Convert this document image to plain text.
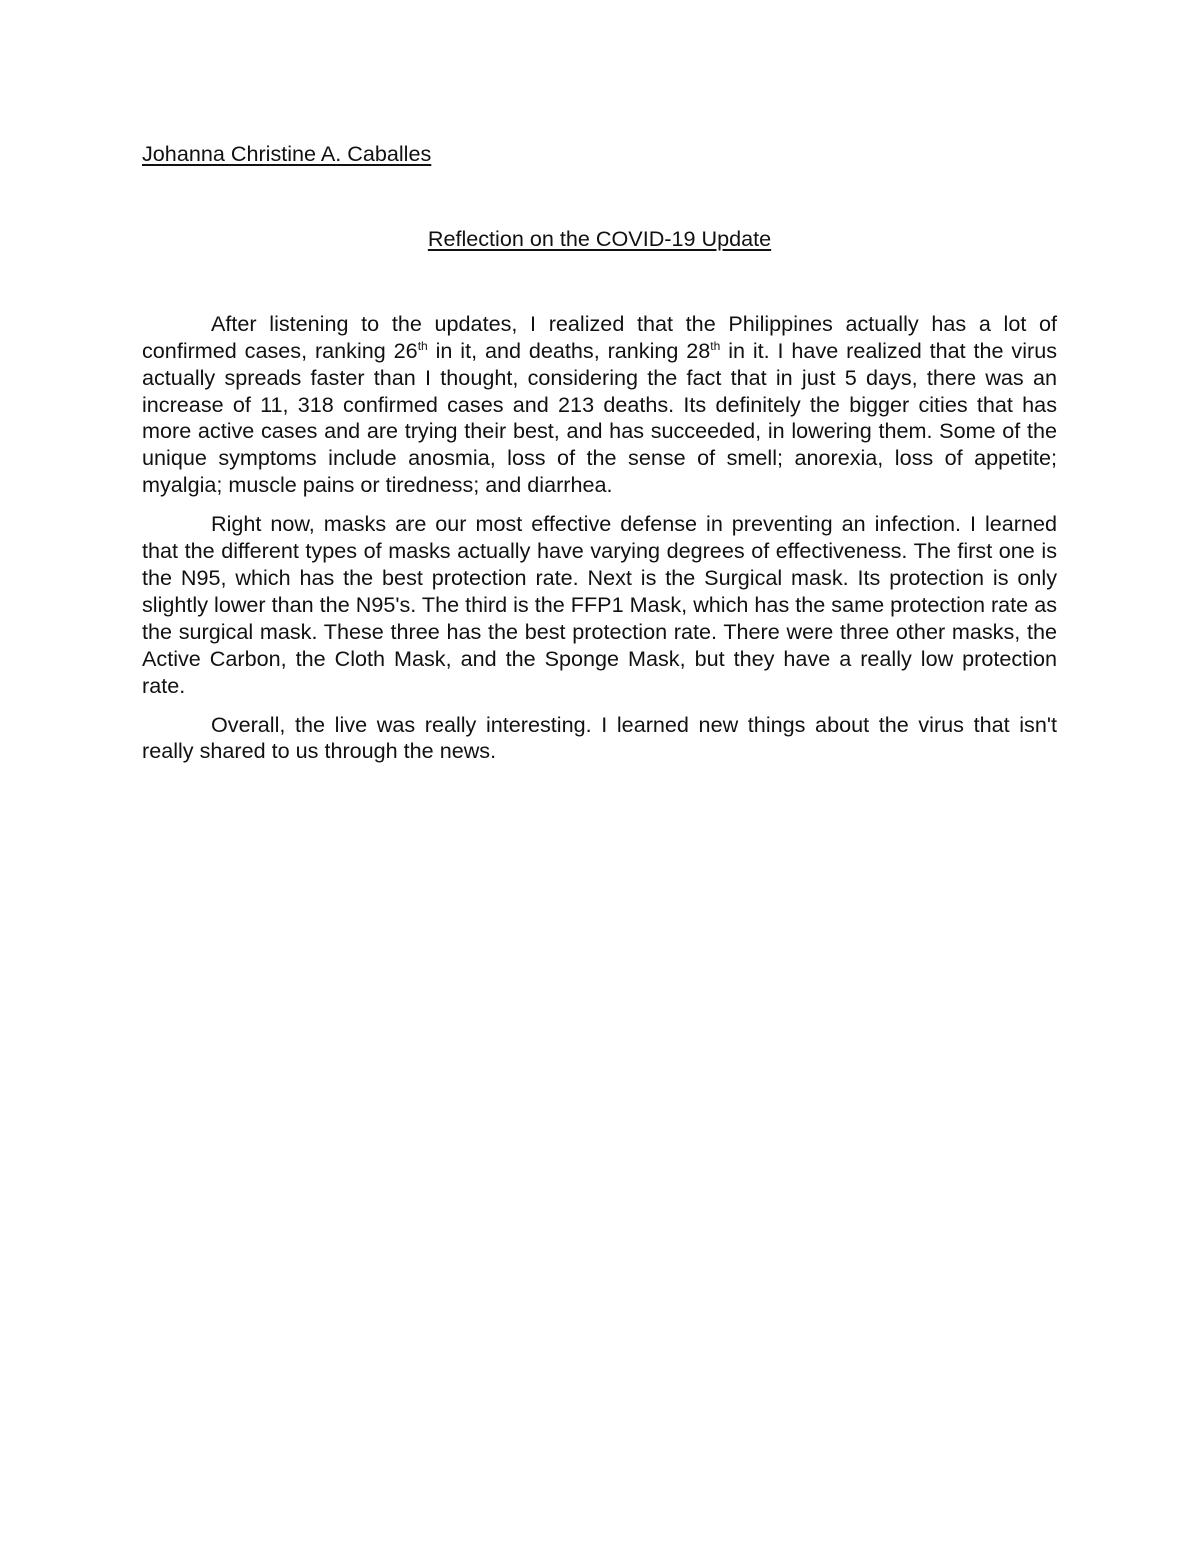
Johanna Christine A. Caballes

Reflection on the COVID-19 Update

After listening to the updates, I realized that the Philippines actually has a lot of confirmed cases, ranking 26th in it, and deaths, ranking 28th in it. I have realized that the virus actually spreads faster than I thought, considering the fact that in just 5 days, there was an increase of 11, 318 confirmed cases and 213 deaths. Its definitely the bigger cities that has more active cases and are trying their best, and has succeeded, in lowering them. Some of the unique symptoms include anosmia, loss of the sense of smell; anorexia, loss of appetite; myalgia; muscle pains or tiredness; and diarrhea.

Right now, masks are our most effective defense in preventing an infection. I learned that the different types of masks actually have varying degrees of effectiveness. The first one is the N95, which has the best protection rate. Next is the Surgical mask. Its protection is only slightly lower than the N95's. The third is the FFP1 Mask, which has the same protection rate as the surgical mask. These three has the best protection rate. There were three other masks, the Active Carbon, the Cloth Mask, and the Sponge Mask, but they have a really low protection rate.

Overall, the live was really interesting. I learned new things about the virus that isn't really shared to us through the news.
